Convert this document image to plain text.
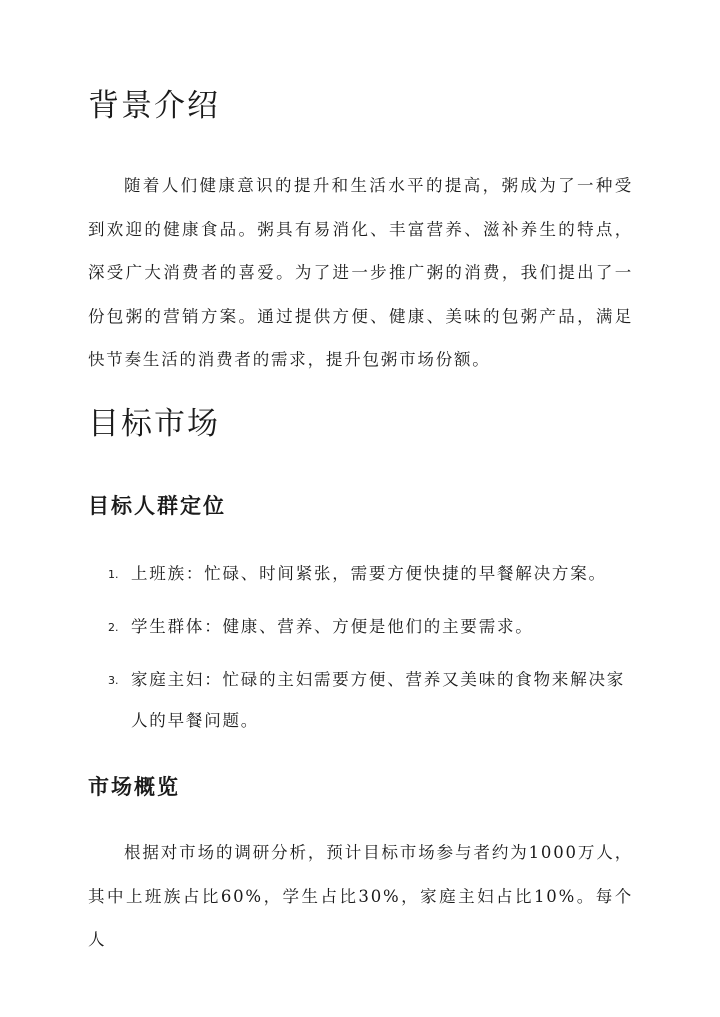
背景介绍

随着人们健康意识的提升和生活水平的提高，粥成为了一种受到欢迎的健康食品。粥具有易消化、丰富营养、滋补养生的特点，深受广大消费者的喜爱。为了进一步推广粥的消费，我们提出了一份包粥的营销方案。通过提供方便、健康、美味的包粥产品，满足快节奏生活的消费者的需求，提升包粥市场份额。

目标市场
目标人群定位
1. 上班族：忙碌、时间紧张，需要方便快捷的早餐解决方案。
2. 学生群体：健康、营养、方便是他们的主要需求。
3. 家庭主妇：忙碌的主妇需要方便、营养又美味的食物来解决家人的早餐问题。
市场概览

根据对市场的调研分析，预计目标市场参与者约为1000万人，其中上班族占比60%，学生占比30%，家庭主妇占比10%。每个人
